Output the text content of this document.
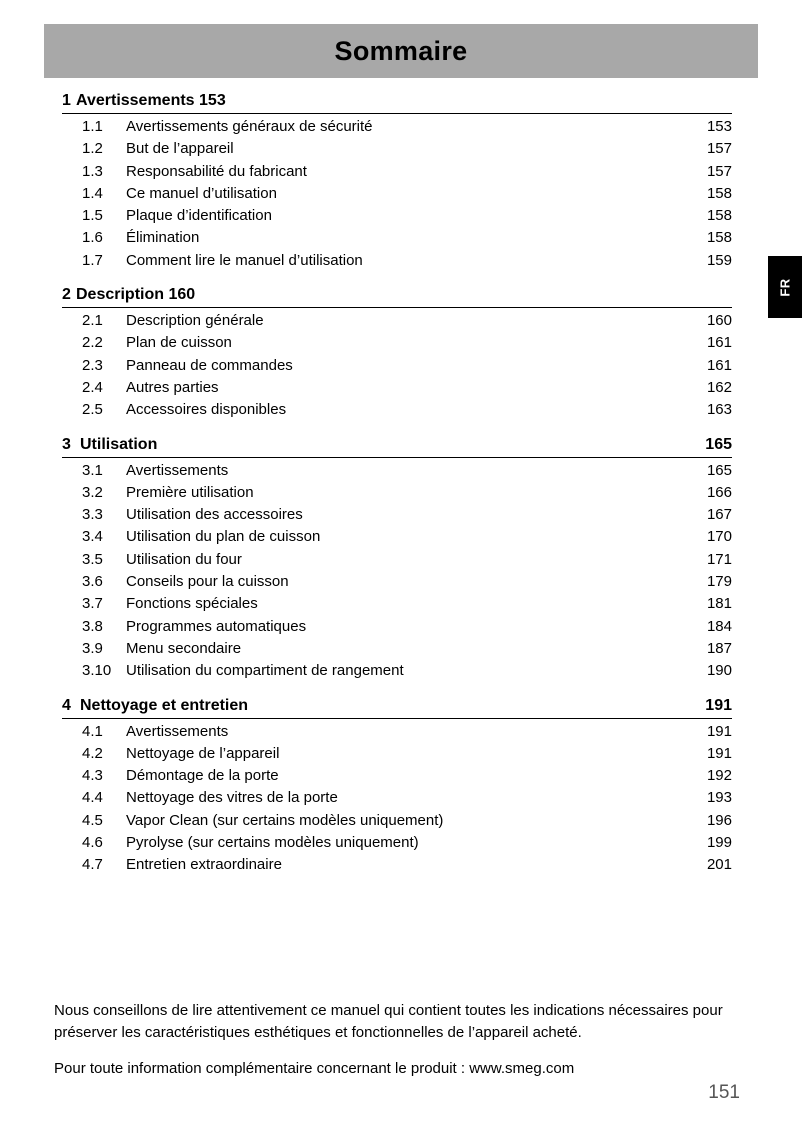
Sommaire
FR
1 Avertissements 153
1.1	Avertissements généraux de sécurité	153
1.2	But de l’appareil	157
1.3	Responsabilité du fabricant	157
1.4	Ce manuel d’utilisation	158
1.5	Plaque d’identification	158
1.6	Élimination	158
1.7	Comment lire le manuel d’utilisation	159
2 Description 160
2.1	Description générale	160
2.2	Plan de cuisson	161
2.3	Panneau de commandes	161
2.4	Autres parties	162
2.5	Accessoires disponibles	163
3 Utilisation	165
3.1	Avertissements	165
3.2	Première utilisation	166
3.3	Utilisation des accessoires	167
3.4	Utilisation du plan de cuisson	170
3.5	Utilisation du four	171
3.6	Conseils pour la cuisson	179
3.7	Fonctions spéciales	181
3.8	Programmes automatiques	184
3.9	Menu secondaire	187
3.10 Utilisation du compartiment de rangement	190
4 Nettoyage et entretien	191
4.1	Avertissements	191
4.2	Nettoyage de l’appareil	191
4.3	Démontage de la porte	192
4.4	Nettoyage des vitres de la porte	193
4.5	Vapor Clean (sur certains modèles uniquement)	196
4.6	Pyrolyse (sur certains modèles uniquement)	199
4.7	Entretien extraordinaire	201

Nous conseillons de lire attentivement ce manuel qui contient toutes les indications nécessaires pour préserver les caractéristiques esthétiques et fonctionnelles de l’appareil acheté.

Pour toute information complémentaire concernant le produit : www.smeg.com

151
